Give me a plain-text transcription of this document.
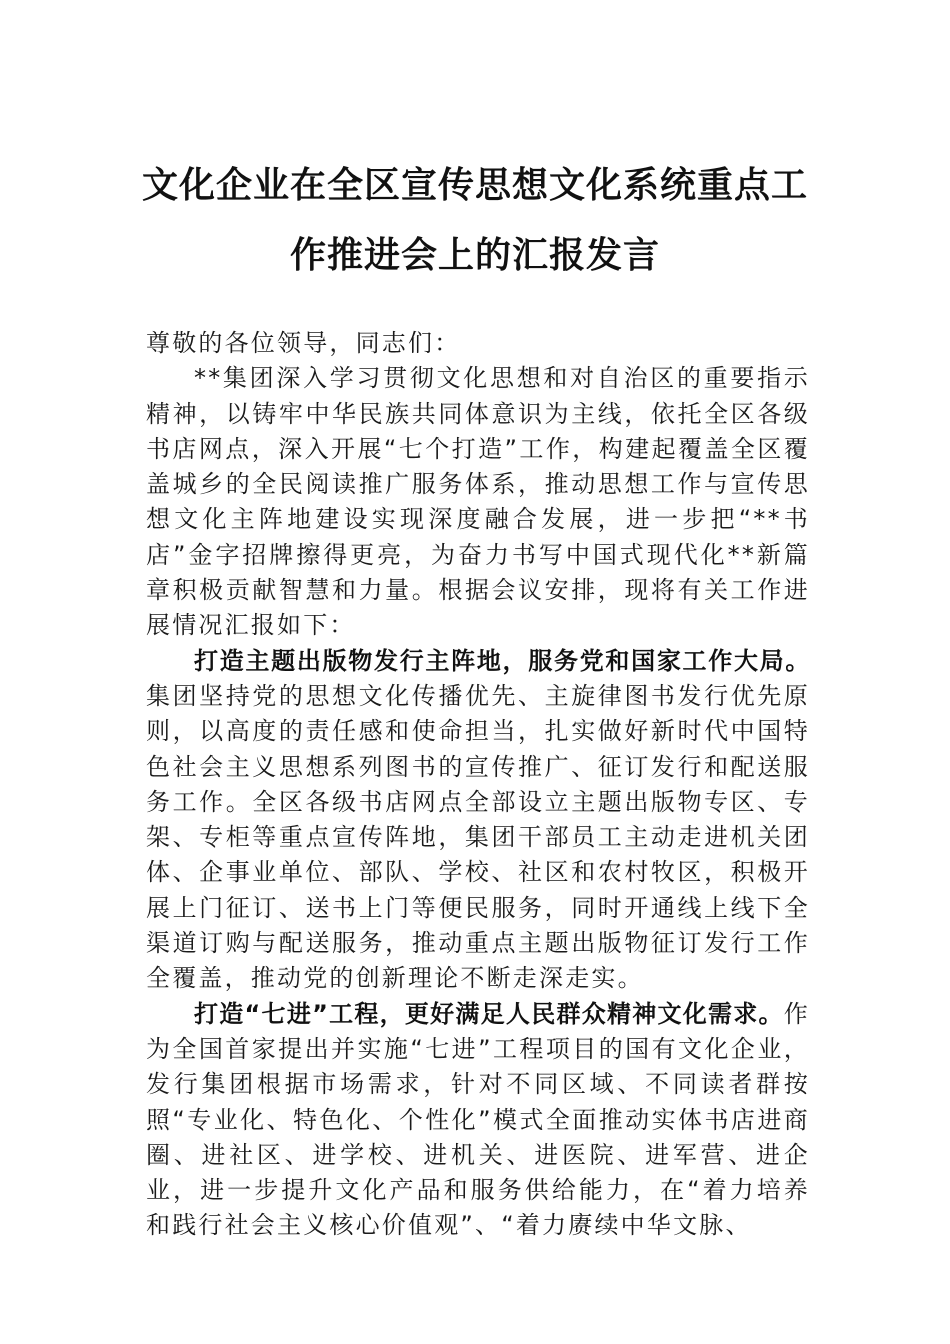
文化企业在全区宣传思想文化系统重点工
作推进会上的汇报发言

尊敬的各位领导，同志们：

**集团深入学习贯彻文化思想和对自治区的重要指示精神，以铸牢中华民族共同体意识为主线，依托全区各级书店网点，深入开展“七个打造”工作，构建起覆盖全区覆盖城乡的全民阅读推广服务体系，推动思想工作与宣传思想文化主阵地建设实现深度融合发展，进一步把“**书店”金字招牌擦得更亮，为奋力书写中国式现代化**新篇章积极贡献智慧和力量。根据会议安排，现将有关工作进展情况汇报如下：

打造主题出版物发行主阵地，服务党和国家工作大局。集团坚持党的思想文化传播优先、主旋律图书发行优先原则，以高度的责任感和使命担当，扎实做好新时代中国特色社会主义思想系列图书的宣传推广、征订发行和配送服务工作。全区各级书店网点全部设立主题出版物专区、专架、专柜等重点宣传阵地，集团干部员工主动走进机关团体、企事业单位、部队、学校、社区和农村牧区，积极开展上门征订、送书上门等便民服务，同时开通线上线下全渠道订购与配送服务，推动重点主题出版物征订发行工作全覆盖，推动党的创新理论不断走深走实。

打造“七进”工程，更好满足人民群众精神文化需求。作为全国首家提出并实施“七进”工程项目的国有文化企业，发行集团根据市场需求，针对不同区域、不同读者群按照“专业化、特色化、个性化”模式全面推动实体书店进商圈、进社区、进学校、进机关、进医院、进军营、进企业，进一步提升文化产品和服务供给能力，在“着力培养和践行社会主义核心价值观”、“着力赓续中华文脉、
